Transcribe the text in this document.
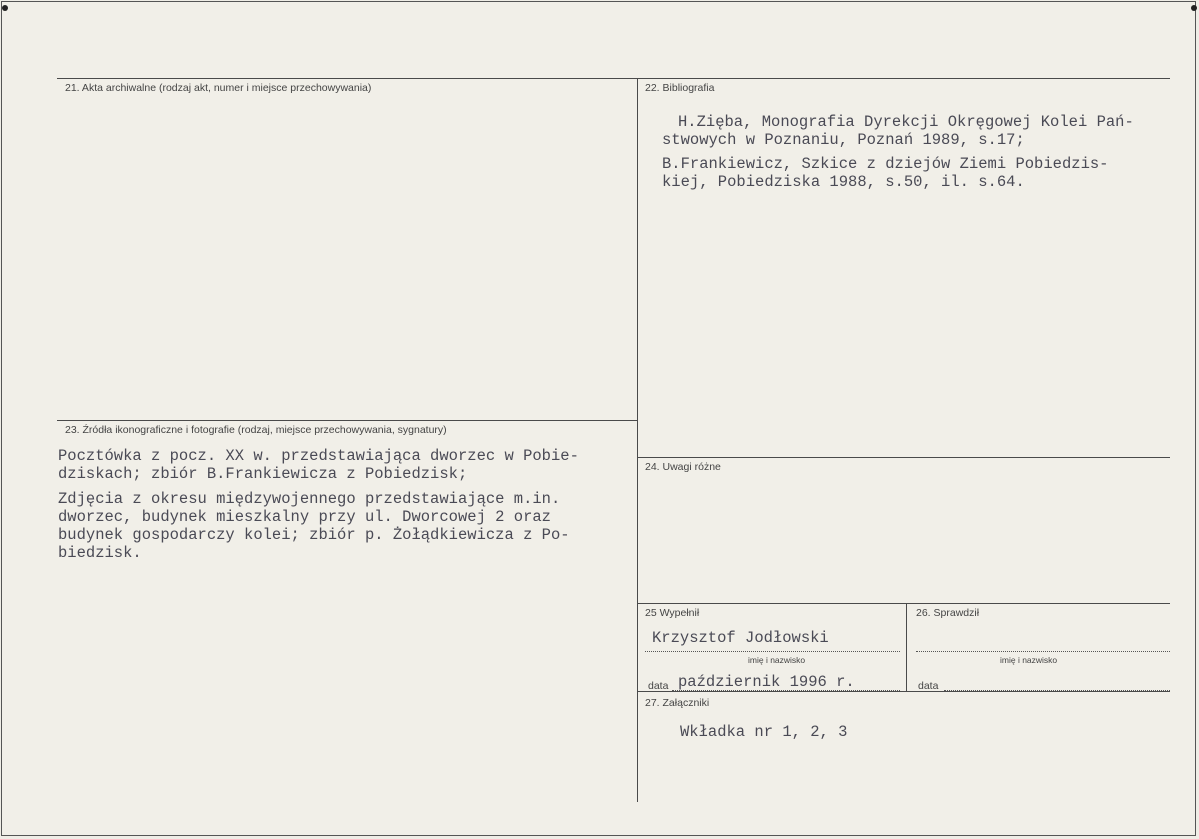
21. Akta archiwalne (rodzaj akt, numer i miejsce przechowywania)	22. Bibliografia
H.Zięba, Monografia Dyrekcji Okręgowej Kolei Pań-
stwowych w Poznaniu, Poznań 1989, s.17;
B.Frankiewicz, Szkice z dziejów Ziemi Pobiedzis-
kiej, Pobiedziska 1988, s.50, il. s.64.
23. Źródła ikonograficzne i fotografie (rodzaj, miejsce przechowywania, sygnatury)
Pocztówka z pocz. XX w. przedstawiająca dworzec w Pobie-
dziskach; zbiór B.Frankiewicza z Pobiedzisk;
Zdjęcia z okresu międzywojennego przedstawiające m.in.
dworzec, budynek mieszkalny przy ul. Dworcowej 2 oraz
budynek gospodarczy kolei; zbiór p. Żołądkiewicza z Po-
biedzisk.
24. Uwagi różne
25 Wypełnił
Krzysztof Jodłowski
imię i nazwisko
data październik 1996 r.
26. Sprawdził
imię i nazwisko
data
27. Załączniki
Wkładka nr 1, 2, 3
